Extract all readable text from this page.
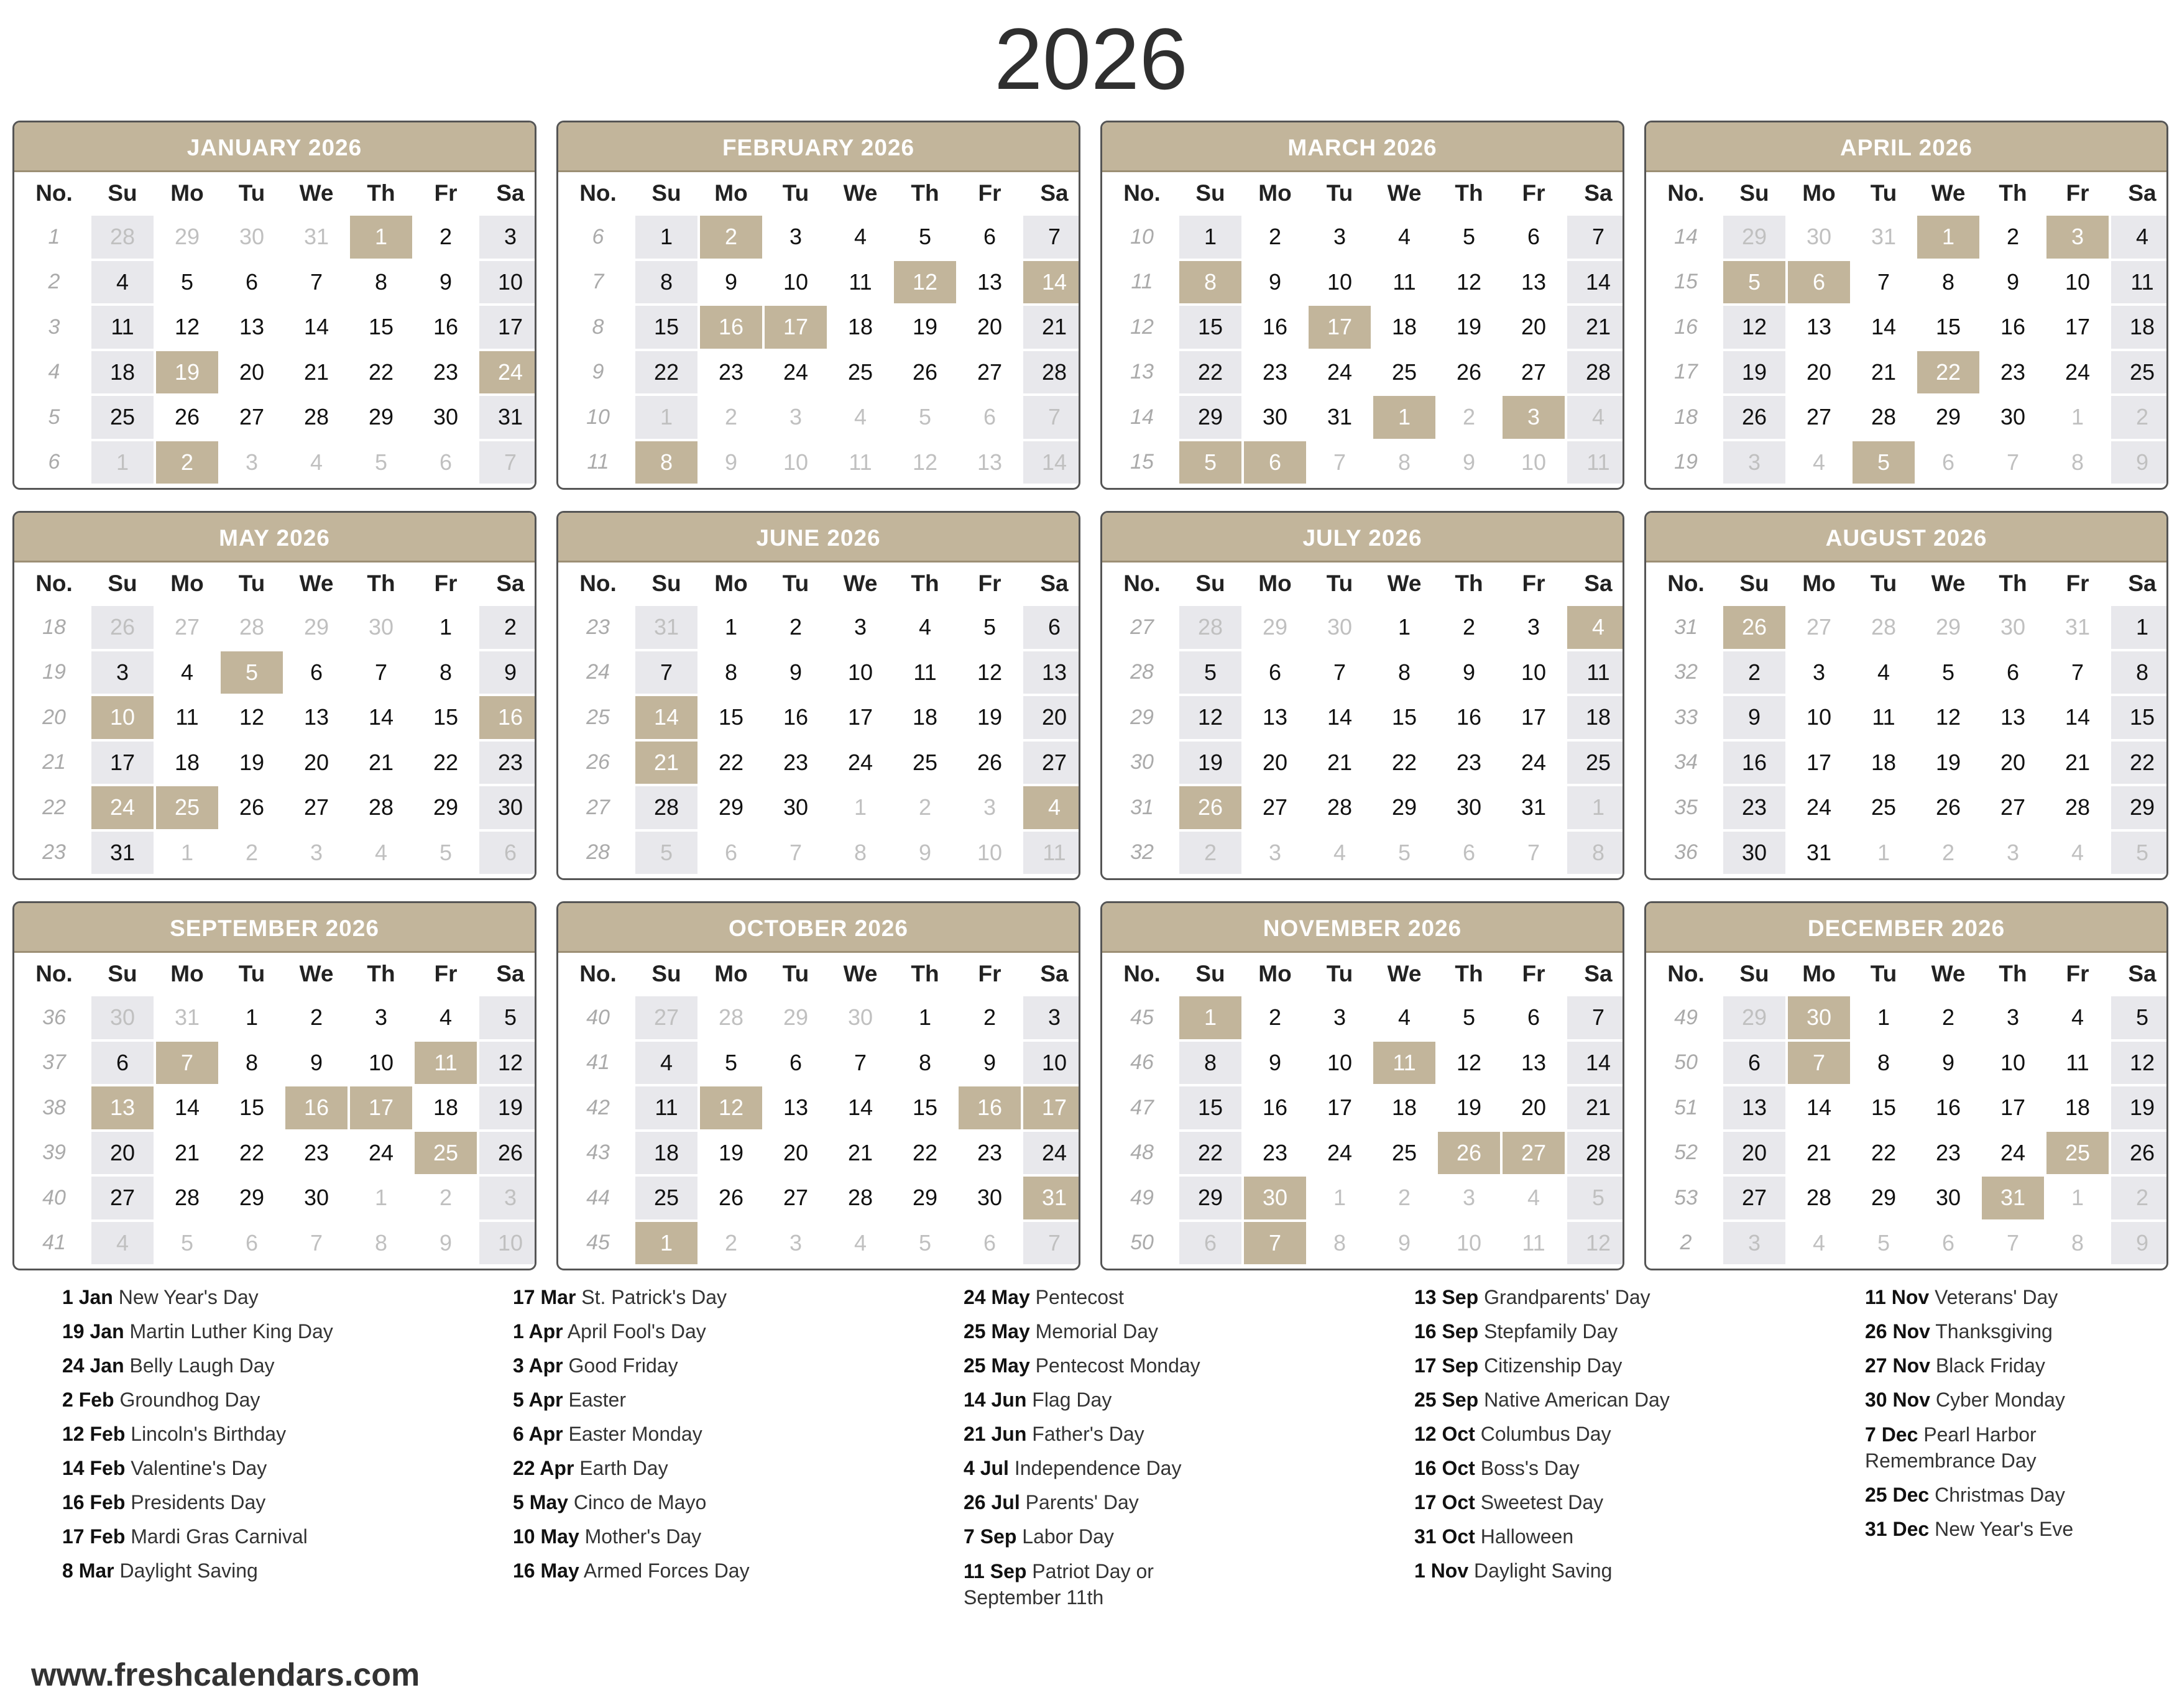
2026
JANUARY 2026
No.	Su	Mo	Tu	We	Th	Fr	Sa
1	28	29	30	31	1	2	3
2	4	5	6	7	8	9	10
3	11	12	13	14	15	16	17
4	18	19	20	21	22	23	24
5	25	26	27	28	29	30	31
6	1	2	3	4	5	6	7
FEBRUARY 2026
No.	Su	Mo	Tu	We	Th	Fr	Sa
6	1	2	3	4	5	6	7
7	8	9	10	11	12	13	14
8	15	16	17	18	19	20	21
9	22	23	24	25	26	27	28
10	1	2	3	4	5	6	7
11	8	9	10	11	12	13	14
MARCH 2026
No.	Su	Mo	Tu	We	Th	Fr	Sa
10	1	2	3	4	5	6	7
11	8	9	10	11	12	13	14
12	15	16	17	18	19	20	21
13	22	23	24	25	26	27	28
14	29	30	31	1	2	3	4
15	5	6	7	8	9	10	11
APRIL 2026
No.	Su	Mo	Tu	We	Th	Fr	Sa
14	29	30	31	1	2	3	4
15	5	6	7	8	9	10	11
16	12	13	14	15	16	17	18
17	19	20	21	22	23	24	25
18	26	27	28	29	30	1	2
19	3	4	5	6	7	8	9
MAY 2026
No.	Su	Mo	Tu	We	Th	Fr	Sa
18	26	27	28	29	30	1	2
19	3	4	5	6	7	8	9
20	10	11	12	13	14	15	16
21	17	18	19	20	21	22	23
22	24	25	26	27	28	29	30
23	31	1	2	3	4	5	6
JUNE 2026
No.	Su	Mo	Tu	We	Th	Fr	Sa
23	31	1	2	3	4	5	6
24	7	8	9	10	11	12	13
25	14	15	16	17	18	19	20
26	21	22	23	24	25	26	27
27	28	29	30	1	2	3	4
28	5	6	7	8	9	10	11
JULY 2026
No.	Su	Mo	Tu	We	Th	Fr	Sa
27	28	29	30	1	2	3	4
28	5	6	7	8	9	10	11
29	12	13	14	15	16	17	18
30	19	20	21	22	23	24	25
31	26	27	28	29	30	31	1
32	2	3	4	5	6	7	8
AUGUST 2026
No.	Su	Mo	Tu	We	Th	Fr	Sa
31	26	27	28	29	30	31	1
32	2	3	4	5	6	7	8
33	9	10	11	12	13	14	15
34	16	17	18	19	20	21	22
35	23	24	25	26	27	28	29
36	30	31	1	2	3	4	5
SEPTEMBER 2026
No.	Su	Mo	Tu	We	Th	Fr	Sa
36	30	31	1	2	3	4	5
37	6	7	8	9	10	11	12
38	13	14	15	16	17	18	19
39	20	21	22	23	24	25	26
40	27	28	29	30	1	2	3
41	4	5	6	7	8	9	10
OCTOBER 2026
No.	Su	Mo	Tu	We	Th	Fr	Sa
40	27	28	29	30	1	2	3
41	4	5	6	7	8	9	10
42	11	12	13	14	15	16	17
43	18	19	20	21	22	23	24
44	25	26	27	28	29	30	31
45	1	2	3	4	5	6	7
NOVEMBER 2026
No.	Su	Mo	Tu	We	Th	Fr	Sa
45	1	2	3	4	5	6	7
46	8	9	10	11	12	13	14
47	15	16	17	18	19	20	21
48	22	23	24	25	26	27	28
49	29	30	1	2	3	4	5
50	6	7	8	9	10	11	12
DECEMBER 2026
No.	Su	Mo	Tu	We	Th	Fr	Sa
49	29	30	1	2	3	4	5
50	6	7	8	9	10	11	12
51	13	14	15	16	17	18	19
52	20	21	22	23	24	25	26
53	27	28	29	30	31	1	2
2	3	4	5	6	7	8	9
1 Jan New Year's Day
19 Jan Martin Luther King Day
24 Jan Belly Laugh Day
2 Feb Groundhog Day
12 Feb Lincoln's Birthday
14 Feb Valentine's Day
16 Feb Presidents Day
17 Feb Mardi Gras Carnival
8 Mar Daylight Saving
17 Mar St. Patrick's Day
1 Apr April Fool's Day
3 Apr Good Friday
5 Apr Easter
6 Apr Easter Monday
22 Apr Earth Day
5 May Cinco de Mayo
10 May Mother's Day
16 May Armed Forces Day
24 May Pentecost
25 May Memorial Day
25 May Pentecost Monday
14 Jun Flag Day
21 Jun Father's Day
4 Jul Independence Day
26 Jul Parents' Day
7 Sep Labor Day
11 Sep Patriot Day or September 11th
13 Sep Grandparents' Day
16 Sep Stepfamily Day
17 Sep Citizenship Day
25 Sep Native American Day
12 Oct Columbus Day
16 Oct Boss's Day
17 Oct Sweetest Day
31 Oct Halloween
1 Nov Daylight Saving
11 Nov Veterans' Day
26 Nov Thanksgiving
27 Nov Black Friday
30 Nov Cyber Monday
7 Dec Pearl Harbor Remembrance Day
25 Dec Christmas Day
31 Dec New Year's Eve
www.freshcalendars.com
